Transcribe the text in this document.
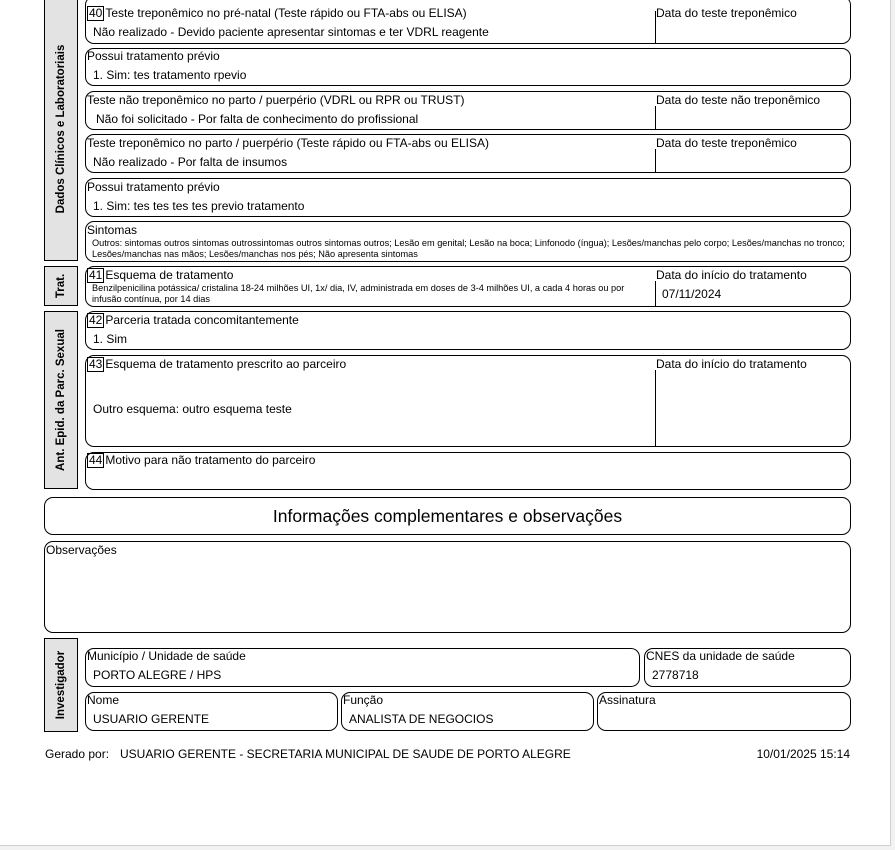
Dados Clínicos e Laboratoriais
Trat.
Ant. Epid. da Parc. Sexual
Investigador
40 Teste treponêmico no pré-natal (Teste rápido ou FTA-abs ou ELISA)
Não realizado - Devido paciente apresentar sintomas e ter VDRL reagente
Data do teste treponêmico
Possui tratamento prévio
1. Sim: tes tratamento rpevio
Teste não treponêmico no parto / puerpério (VDRL ou RPR ou TRUST)
Não foi solicitado - Por falta de conhecimento do profissional
Data do teste não treponêmico
Teste treponêmico no parto / puerpério (Teste rápido ou FTA-abs ou ELISA)
Não realizado - Por falta de insumos
Data do teste treponêmico
Possui tratamento prévio
1. Sim: tes tes tes tes previo tratamento
Sintomas
Outros: sintomas outros sintomas outrossintomas outros sintomas outros; Lesão em genital; Lesão na boca; Linfonodo (íngua); Lesões/manchas pelo corpo; Lesões/manchas no tronco; Lesões/manchas nas mãos; Lesões/manchas nos pés; Não apresenta sintomas
41 Esquema de tratamento
Benzilpenicilina potássica/ cristalina 18-24 milhões UI, 1x/ dia, IV, administrada em doses de 3-4 milhões UI, a cada 4 horas ou por infusão contínua, por 14 dias
Data do início do tratamento
07/11/2024
42 Parceria tratada concomitantemente
1. Sim
43 Esquema de tratamento prescrito ao parceiro
Outro esquema: outro esquema teste
Data do início do tratamento
44 Motivo para não tratamento do parceiro
Informações complementares e observações
Observações
Município / Unidade de saúde
PORTO ALEGRE / HPS
CNES da unidade de saúde
2778718
Nome
USUARIO GERENTE
Função
ANALISTA DE NEGOCIOS
Assinatura
Gerado por: USUARIO GERENTE - SECRETARIA MUNICIPAL DE SAUDE DE PORTO ALEGRE	10/01/2025 15:14
